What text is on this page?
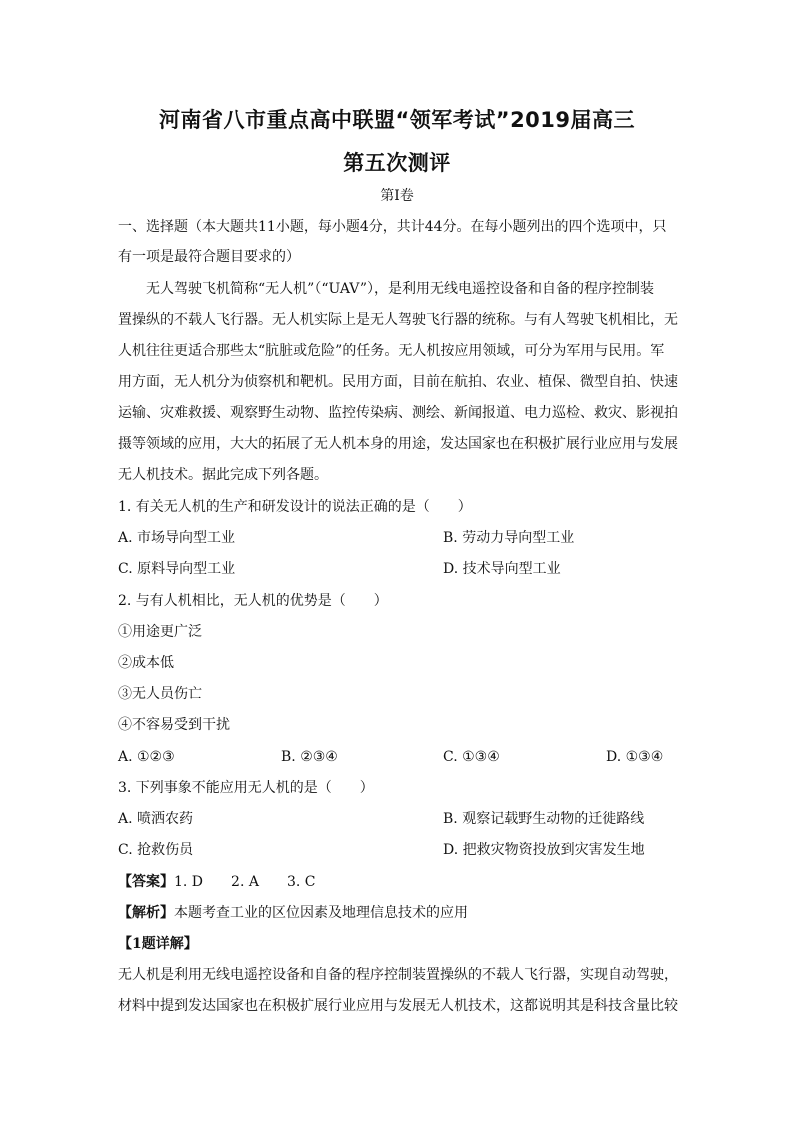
河南省八市重点高中联盟“领军考试”2019届高三
第五次测评
第I卷
一、选择题（本大题共11小题，每小题4分，共计44分。在每小题列出的四个选项中，只
有一项是最符合题目要求的）
无人驾驶飞机简称“无人机”（“UAV”），是利用无线电遥控设备和自备的程序控制装
置操纵的不载人飞行器。无人机实际上是无人驾驶飞行器的统称。与有人驾驶飞机相比，无
人机往往更适合那些太“肮脏或危险”的任务。无人机按应用领域，可分为军用与民用。军
用方面，无人机分为侦察机和靶机。民用方面，目前在航拍、农业、植保、微型自拍、快速
运输、灾难救援、观察野生动物、监控传染病、测绘、新闻报道、电力巡检、救灾、影视拍
摄等领域的应用，大大的拓展了无人机本身的用途，发达国家也在积极扩展行业应用与发展
无人机技术。据此完成下列各题。
1. 有关无人机的生产和研发设计的说法正确的是（　　）
A. 市场导向型工业	B. 劳动力导向型工业
C. 原料导向型工业	D. 技术导向型工业
2. 与有人机相比，无人机的优势是（　　）
①用途更广泛
②成本低
③无人员伤亡
④不容易受到干扰
A. ①②③	B. ②③④	C. ①③④	D. ①③④
3. 下列事象不能应用无人机的是（　　）
A. 喷洒农药	B. 观察记载野生动物的迁徙路线
C. 抢救伤员	D. 把救灾物资投放到灾害发生地
【答案】1. D　　2. A　　3. C
【解析】本题考查工业的区位因素及地理信息技术的应用
【1题详解】
无人机是利用无线电遥控设备和自备的程序控制装置操纵的不载人飞行器，实现自动驾驶，
材料中提到发达国家也在积极扩展行业应用与发展无人机技术，这都说明其是科技含量比较
